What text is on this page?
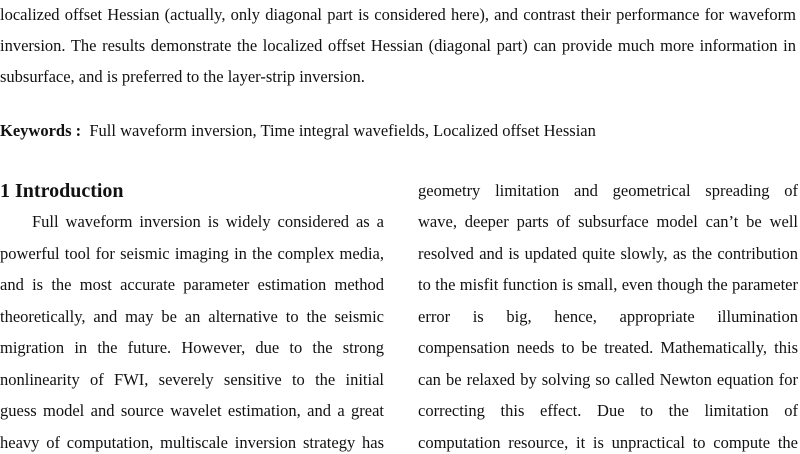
localized offset Hessian (actually, only diagonal part is considered here), and contrast their performance for waveform
inversion. The results demonstrate the localized offset Hessian (diagonal part) can provide much more information in
subsurface, and is preferred to the layer-strip inversion.
Keywords : Full waveform inversion, Time integral wavefields, Localized offset Hessian
1 Introduction
Full waveform inversion is widely considered as a
powerful tool for seismic imaging in the complex media,
and is the most accurate parameter estimation method
theoretically, and may be an alternative to the seismic
migration in the future. However, due to the strong
nonlinearity of FWI, severely sensitive to the initial
guess model and source wavelet estimation, and a great
heavy of computation, multiscale inversion strategy has
geometry limitation and geometrical spreading of
wave, deeper parts of subsurface model can’t be well
resolved and is updated quite slowly, as the contribution
to the misfit function is small, even though the parameter
error is big, hence, appropriate illumination
compensation needs to be treated. Mathematically, this
can be relaxed by solving so called Newton equation for
correcting this effect. Due to the limitation of
computation resource, it is unpractical to compute the
